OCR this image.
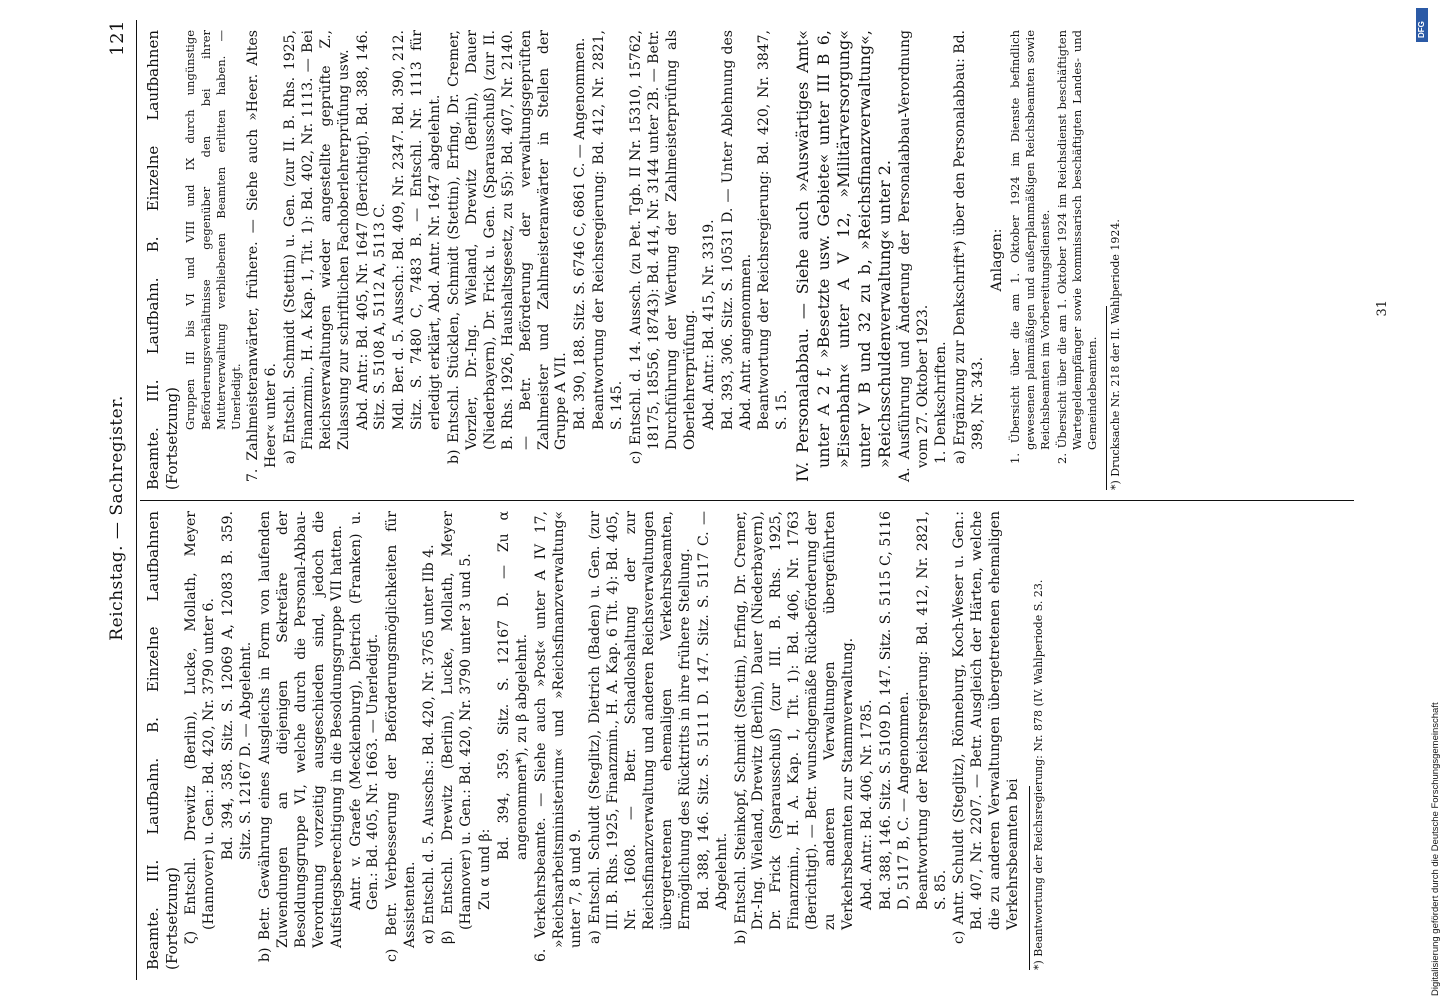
Reichstag. — Sachregister.
121

Beamte. III. Laufbahn. B. Einzelne Laufbahnen (Fortsetzung) ζ) Entschl. Drewitz (Berlin), Lucke, Mollath, Meyer (Hannover) u. Gen.: Bd. 420, Nr. 3790 unter 6. Bd. 394, 358. Sitz. S. 12069 A, 12083 B. 359. Sitz. S. 12167 D. — Abgelehnt. b) Betr. Gewährung eines Ausgleichs in Form von laufenden Zuwendungen an diejenigen Sekretäre der Besoldungsgruppe VI, welche durch die Personal-Abbau-Verordnung vorzeitig ausgeschieden sind, jedoch die Aufstiegsberechtigung in die Besoldungsgruppe VII hatten. Antr. v. Graefe (Mecklenburg), Dietrich (Franken) u. Gen.: Bd. 405, Nr. 1663. — Unerledigt. c) Betr. Verbesserung der Beförderungsmöglichkeiten für Assistenten. α) Entschl. d. 5. Ausschs.: Bd. 420, Nr. 3765 unter IIb 4. β) Entschl. Drewitz (Berlin), Lucke, Mollath, Meyer (Hannover) u. Gen.: Bd. 420, Nr. 3790 unter 3 und 5. Zu α und β:

Bd. 394, 359. Sitz. S. 12167 D. — Zu α angenommen*), zu β abgelehnt. 6. Verkehrsbeamte. — Siehe auch »Post« unter A IV 17, »Reichsarbeitsministerium« und »Reichsfinanzverwaltung« unter 7, 8 und 9. a) Entschl. Schuldt (Steglitz), Dietrich (Baden) u. Gen. (zur III. B. Rhs. 1925, Finanzmin., H. A. Kap. 6 Tit. 4): Bd. 405, Nr. 1608. — Betr. Schadloshaltung der zur Reichsfinanzverwaltung und anderen Reichsverwaltungen übergetretenen ehemaligen Verkehrsbeamten, Ermöglichung des Rücktritts in ihre frühere Stellung. Bd. 388, 146. Sitz. S. 5111 D. 147. Sitz. S. 5117 C. — Abgelehnt. b) Entschl. Steinkopf, Schmidt (Stettin), Erfing, Dr. Cremer, Dr.-Ing. Wieland, Drewitz (Berlin), Dauer (Niederbayern), Dr. Frick (Sparausschuß) (zur III. B. Rhs. 1925, Finanzmin., H. A. Kap. 1, Tit. 1): Bd. 406, Nr. 1763 (Berichtigt). — Betr. wunschgemäße Rückbeförderung der zu anderen Verwaltungen übergeführten Verkehrsbeamten zur Stammverwaltung. Abd. Antr.: Bd. 406, Nr. 1785. Bd. 388, 146. Sitz. S. 5109 D. 147. Sitz. S. 5115 C, 5116 D, 5117 B, C. — Angenommen. Beantwortung der Reichsregierung: Bd. 412, Nr. 2821, S. 85. c) Antr. Schuldt (Steglitz), Rönneburg, Koch-Weser u. Gen.: Bd. 407, Nr. 2207. — Betr. Ausgleich der Härten, welche die zu anderen Verwaltungen übergetretenen ehemaligen Verkehrsbeamten bei *) Beantwortung der Reichsregierung: Nr. 878 (IV. Wahlperiode S. 23.

Beamte. III. Laufbahn. B. Einzelne Laufbahnen (Fortsetzung)

Gruppen III bis VI und VIII und IX durch ungünstige Beförderungsverhältnisse gegenüber den bei ihrer Mutterverwaltung verbliebenen Beamten erlitten haben. — Unerledigt. 7. Zahlmeisteranwärter, frühere. — Siehe auch »Heer. Altes Heer« unter 6. a) Entschl. Schmidt (Stettin) u. Gen. (zur II. B. Rhs. 1925, Finanzmin., H. A. Kap. 1, Tit. 1): Bd. 402, Nr. 1113. — Bei Reichsverwaltungen wieder angestellte geprüfte Z., Zulassung zur schriftlichen Fachoberlehrerprüfung usw. Abd. Antr.: Bd. 405, Nr. 1647 (Berichtigt). Bd. 388, 146. Sitz. S. 5108 A, 5112 A, 5113 C. Mdl. Ber. d. 5. Aussch.: Bd. 409, Nr. 2347. Bd. 390, 212. Sitz. S. 7480 C, 7483 B. — Entschl. Nr. 1113 für erledigt erklärt, Abd. Antr. Nr. 1647 abgelehnt. b) Entschl. Stücklen, Schmidt (Stettin), Erfing, Dr. Cremer, Vorzler, Dr.-Ing. Wieland, Drewitz (Berlin), Dauer (Niederbayern), Dr. Frick u. Gen. (Sparausschuß) (zur II. B. Rhs. 1926, Haushaltsgesetz, zu §5): Bd. 407, Nr. 2140. — Betr. Beförderung der verwaltungsgeprüften Zahlmeister und Zahlmeisteranwärter in Stellen der Gruppe A VII. Bd. 390, 188. Sitz. S. 6746 C, 6861 C. — Angenommen. Beantwortung der Reichsregierung: Bd. 412, Nr. 2821, S. 145. c) Entschl. d. 14. Aussch. (zu Pet. Tgb. II Nr. 15310, 15762, 18175, 18556, 18743): Bd. 414, Nr. 3144 unter 2B. — Betr. Durchführung der Wertung der Zahlmeisterprüfung als Oberlehrerprüfung. Abd. Antr.: Bd. 415, Nr. 3319. Bd. 393, 306. Sitz. S. 10531 D. — Unter Ablehnung des Abd. Antr. angenommen. Beantwortung der Reichsregierung: Bd. 420, Nr. 3847, S. 15. IV. Personalabbau. — Siehe auch »Auswärtiges Amt« unter A 2 f, »Besetzte usw. Gebiete« unter III B 6, »Eisenbahn« unter A V 12, »Militärversorgung« unter V B und 32 zu b, »Reichsfinanzverwaltung«, »Reichsschuldenverwaltung« unter 2. A. Ausführung und Änderung der Personalabbau-Verordnung vom 27. Oktober 1923. 1. Denkschriften. a) Ergänzung zur Denkschrift*) über den Personalabbau: Bd. 398, Nr. 343.

Anlagen: 1. Übersicht über die am 1. Oktober 1924 im Dienste befindlich gewesenen planmäßigen und außerplanmäßigen Reichsbeamten sowie Reichsbeamten im Vorbereitungsdienste. 2. Übersicht über die am 1. Oktober 1924 im Reichsdienst beschäftigten Wartegeldempfänger sowie kommissarisch beschäftigten Landes- und Gemeindebeamten. *) Drucksache Nr. 218 der II. Wahlperiode 1924.	31
Digitalisierung gefördert durch die Deutsche Forschungsgemeinschaft
DFG
